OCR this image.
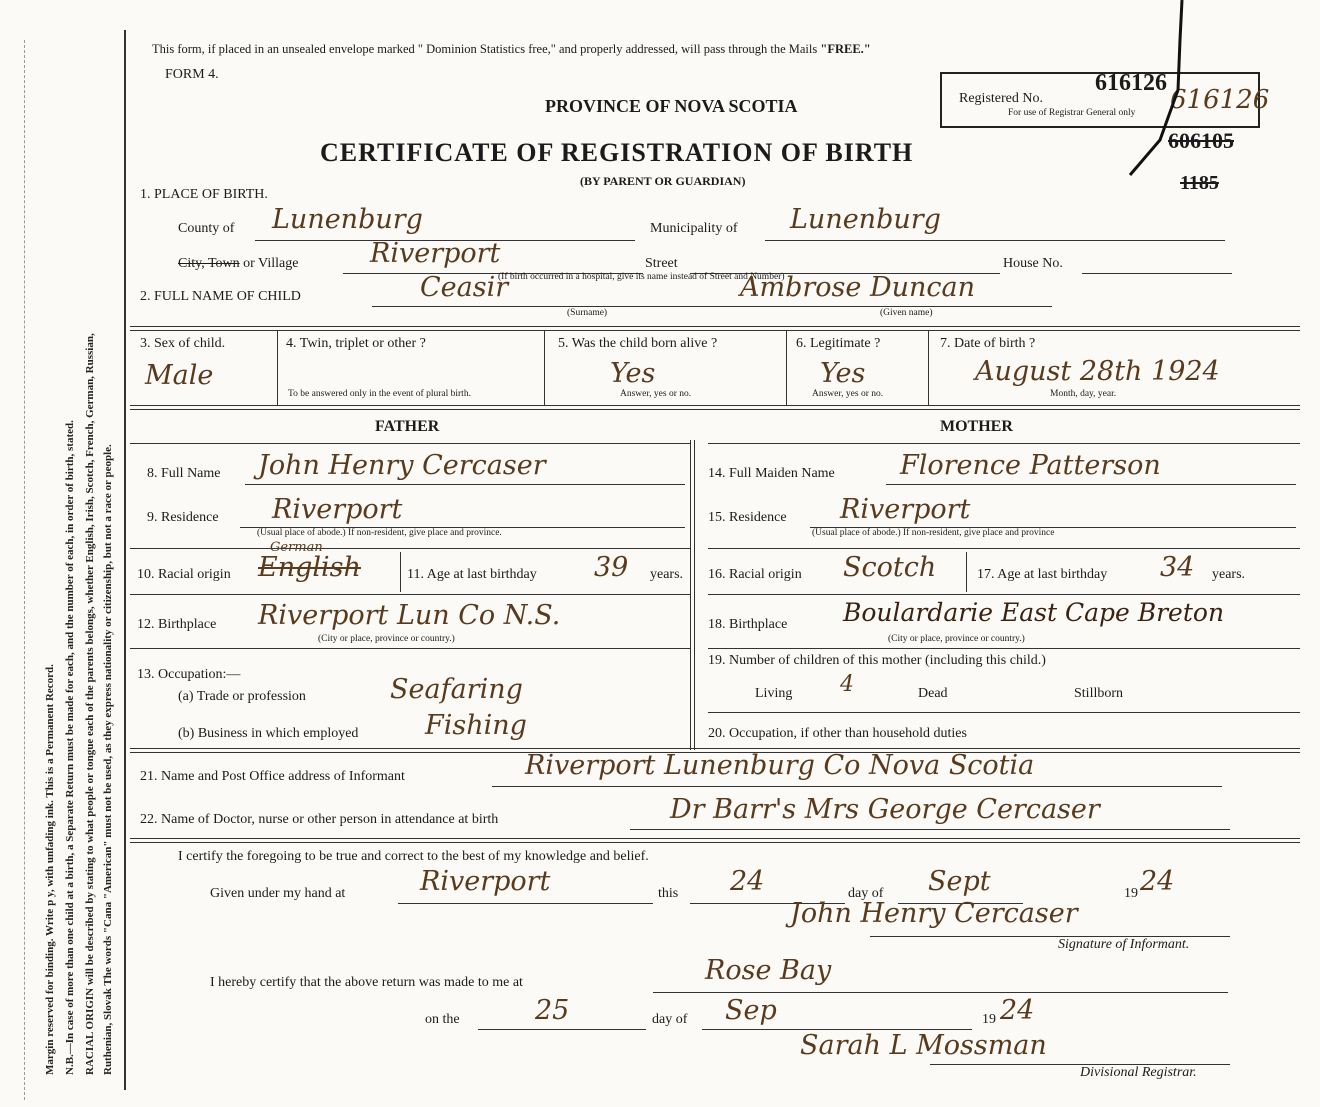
Margin reserved for binding. Write p y, with unfading ink. This is a Permanent Record. N.B.—In case of more than one child at a birth, a Separate Return must be made for each, and the number of each, in order of birth, stated. RACIAL ORIGIN will be described by stating to what people or tongue each of the parents belongs, whether English, Irish, Scotch, French, German, Russian, Ruthenian, Slovak The words "Cana "American" must not be used, as they express nationality or citizenship, but not a race or people.
This form, if placed in an unsealed envelope marked " Dominion Statistics free," and properly addressed, will pass through the Mails "FREE."
FORM 4.
PROVINCE OF NOVA SCOTIA
CERTIFICATE OF REGISTRATION OF BIRTH
(BY PARENT OR GUARDIAN)
Registered No.
616126
For use of Registrar General only 616126
606105
1185
1. PLACE OF BIRTH.
County of Lunenburg	Municipality of Lunenburg
City, Town or Village	Riverport	Street	House No.
(If birth occurred in a hospital, give its name instead of Street and Number)
2. FULL NAME OF CHILD	Ceasir	Ambrose Duncan
(Surname)	(Given name)
3. Sex of child.
Male
4. Twin, triplet or other ?
To be answered only in the event of plural birth.
5. Was the child born alive ?
Yes
Answer, yes or no.
6. Legitimate ?
Yes
Answer, yes or no.
7. Date of birth ?
August 28th 1924
Month, day, year.
FATHER	MOTHER
8. Full Name John Henry Cercaser	14. Full Maiden Name Florence Patterson
9. Residence Riverport
(Usual place of abode.) If non-resident, give place and province.
15. Residence Riverport
(Usual place of abode.) If non-resident, give place and province
10. Racial origin English
German
11. Age at last birthday 39 years. 16. Racial origin Scotch	17. Age at last birthday 34 years.
12. Birthplace Riverport Lun Co N.S.
(City or place, province or country.)
18. Birthplace Boulardarie East Cape Breton
(City or place, province or country.)
13. Occupation:—
(a) Trade or profession	Seafaring
(b) Business in which employed Fishing
19. Number of children of this mother (including this child.)
Living 4	Dead	Stillborn
20. Occupation, if other than household duties
21. Name and Post Office address of Informant	Riverport Lunenburg Co Nova Scotia
22. Name of Doctor, nurse or other person in attendance at birth	Dr Barr's Mrs George Cercaser
I certify the foregoing to be true and correct to the best of my knowledge and belief.
Given under my hand at	Riverport	this 24	day of Sept	19 24
John Henry Cercaser
Signature of Informant.
I hereby certify that the above return was made to me at	Rose Bay
on the	25	day of Sep	19 24
Sarah L Mossman
Divisional Registrar.
